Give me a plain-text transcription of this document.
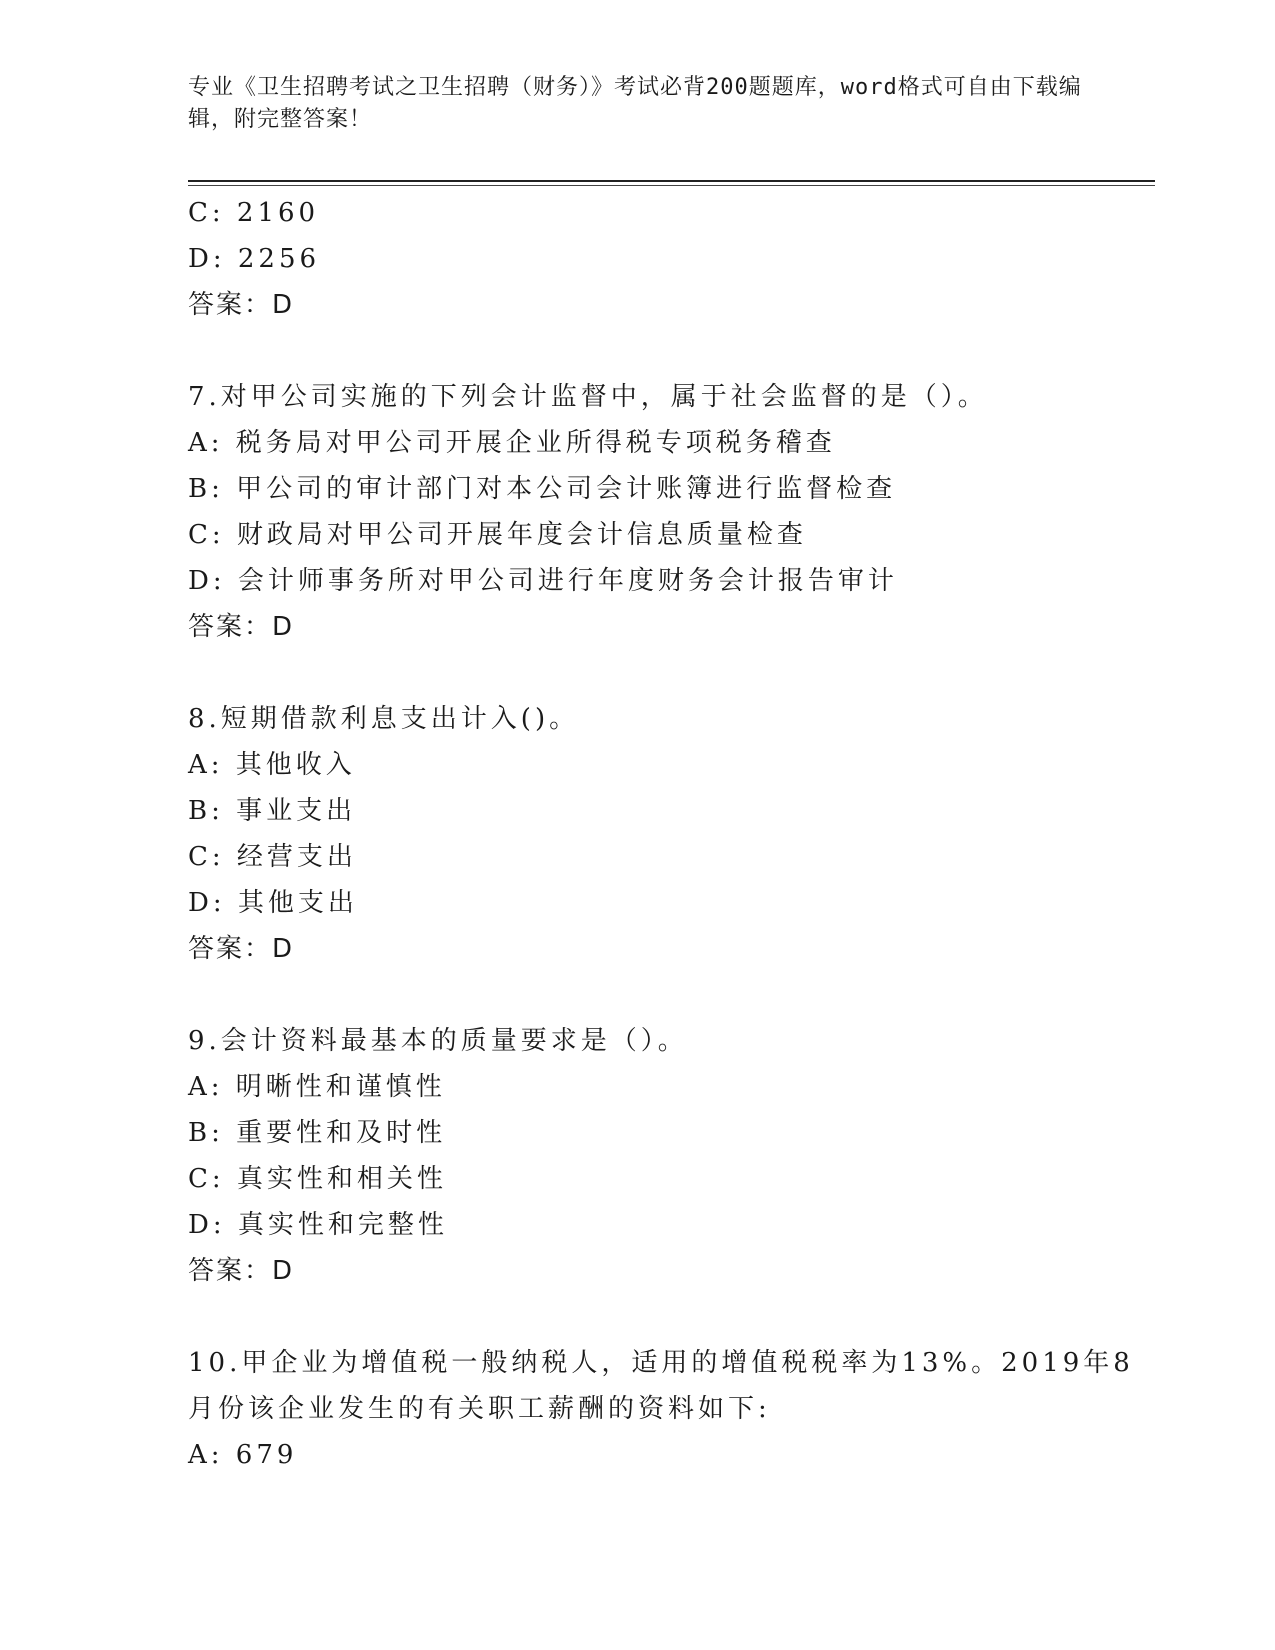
专业《卫生招聘考试之卫生招聘（财务）》考试必背200题题库，word格式可自由下载编辑，附完整答案！
C: 2160
D: 2256
答案：D
7.对甲公司实施的下列会计监督中，属于社会监督的是（）。
A: 税务局对甲公司开展企业所得税专项税务稽查
B: 甲公司的审计部门对本公司会计账簿进行监督检查
C: 财政局对甲公司开展年度会计信息质量检查
D: 会计师事务所对甲公司进行年度财务会计报告审计
答案：D
8.短期借款利息支出计入()。
A: 其他收入
B: 事业支出
C: 经营支出
D: 其他支出
答案：D
9.会计资料最基本的质量要求是（）。
A: 明晰性和谨慎性
B: 重要性和及时性
C: 真实性和相关性
D: 真实性和完整性
答案：D
10.甲企业为增值税一般纳税人，适用的增值税税率为13%。2019年8
月份该企业发生的有关职工薪酬的资料如下:
A: 679
